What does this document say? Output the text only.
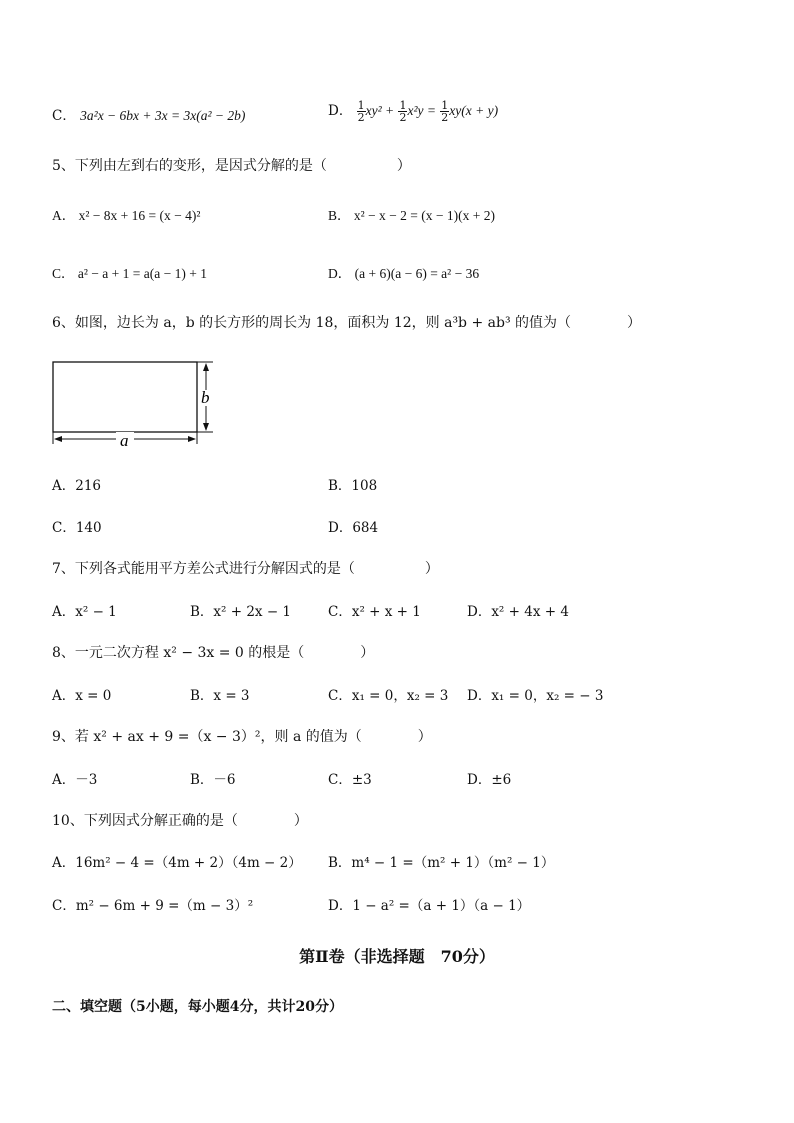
C． 3a²x − 6bx + 3x = 3x(a² − 2b)	D． $\frac{1}{2} xy^2 + \frac{1}{2} x^2y = \frac{1}{2} xy(x + y)$
5、下列由左到右的变形，是因式分解的是（　　　　　）
A． x² − 8x + 16 = (x − 4)²	B． x² − x − 2 = (x − 1)(x + 2)
C． a² − a + 1 = a(a − 1) + 1	D． (a + 6)(a − 6) = a² − 36
6、如图，边长为 a，b 的长方形的周长为 18，面积为 12，则 a³b + ab³ 的值为（　　　　）
a
b
A．216	B．108
C．140	D．684
7、下列各式能用平方差公式进行分解因式的是（　　　　　）
A．x² − 1	B．x² + 2x − 1	C．x² + x + 1	D．x² + 4x + 4
8、一元二次方程 x² − 3x = 0 的根是（　　　　）
A．x = 0	B．x = 3	C．x₁ = 0，x₂ = 3 D．x₁ = 0，x₂ = − 3
9、若 x² + ax + 9 =（x − 3）²，则 a 的值为（　　　　）
A．－3	B．－6	C．±3	D．±6
10、下列因式分解正确的是（　　　　）
A．16m² − 4 =（4m + 2）（4m − 2） B．m⁴ − 1 =（m² + 1）（m² − 1）
C．m² − 6m + 9 =（m − 3）²	D．1 − a² =（a + 1）（a − 1）
第Ⅱ卷（非选择题　70分）
二、填空题（5小题，每小题4分，共计20分）
